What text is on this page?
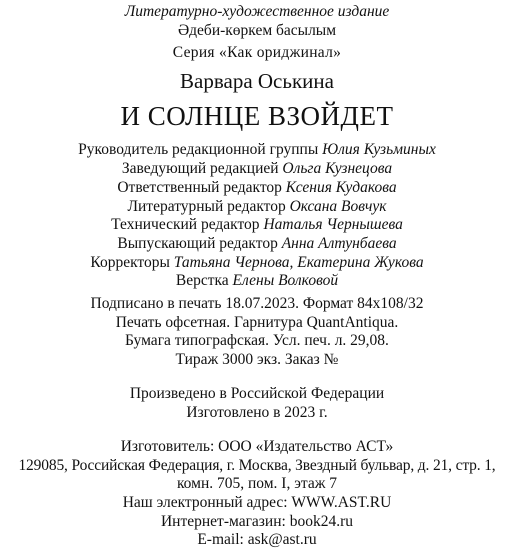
Литературно-художественное издание
Әдеби-көркем басылым
Серия «Как ориджинал»
Варвара Оськина
И СОЛНЦЕ ВЗОЙДЕТ
Руководитель редакционной группы Юлия Кузьминых
Заведующий редакцией Ольга Кузнецова
Ответственный редактор Ксения Кудакова
Литературный редактор Оксана Вовчук
Технический редактор Наталья Чернышева
Выпускающий редактор Анна Алтунбаева
Корректоры Татьяна Чернова, Екатерина Жукова
Верстка Елены Волковой
Подписано в печать 18.07.2023. Формат 84х108/32
Печать офсетная. Гарнитура QuantAntiqua.
Бумага типографская. Усл. печ. л. 29,08.
Тираж 3000 экз. Заказ №
Произведено в Российской Федерации
Изготовлено в 2023 г.
Изготовитель: ООО «Издательство АСТ»
129085, Российская Федерация, г. Москва, Звездный бульвар, д. 21, стр. 1,
комн. 705, пом. I, этаж 7
Наш электронный адрес: WWW.AST.RU
Интернет-магазин: book24.ru
E-mail: ask@ast.ru
